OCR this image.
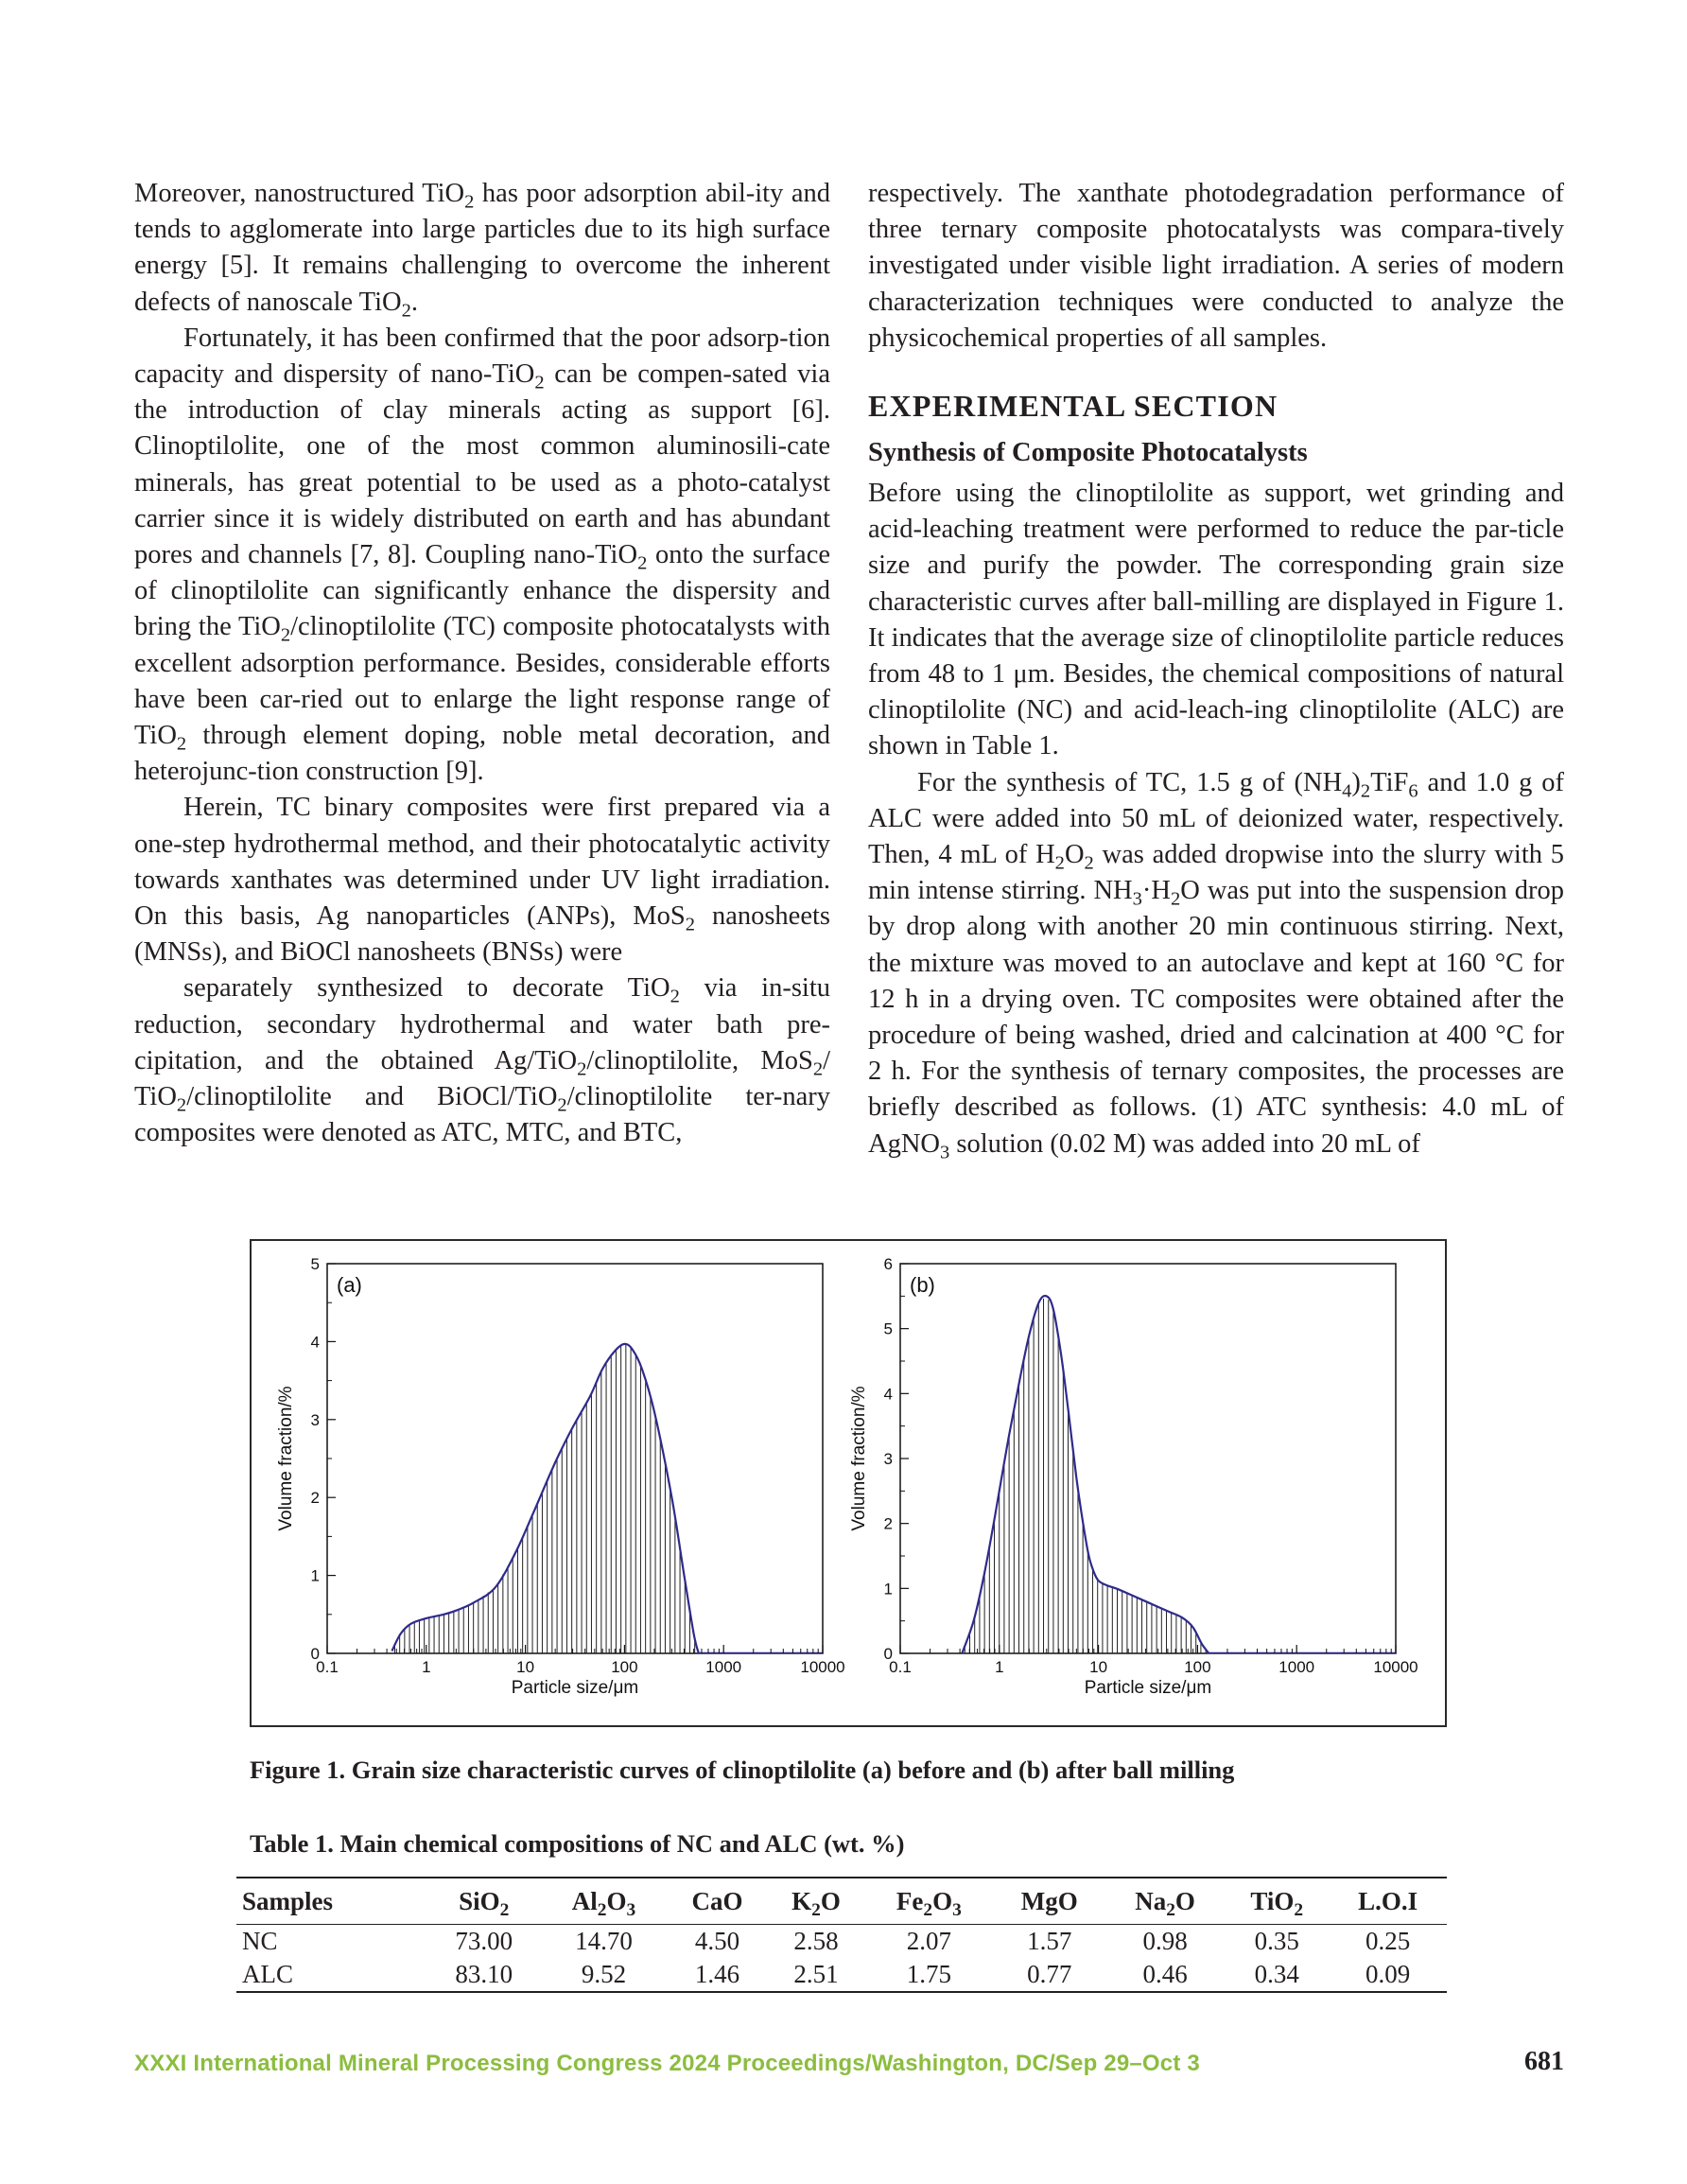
Moreover, nanostructured TiO$_2$ has poor adsorption abil-ity and tends to agglomerate into large particles due to its high surface energy [5]. It remains challenging to overcome the inherent defects of nanoscale TiO$_2$.

Fortunately, it has been confirmed that the poor adsorp-tion capacity and dispersity of nano-TiO$_2$ can be compen-sated via the introduction of clay minerals acting as support [6]. Clinoptilolite, one of the most common aluminosili-cate minerals, has great potential to be used as a photo-catalyst carrier since it is widely distributed on earth and has abundant pores and channels [7, 8]. Coupling nano-TiO$_2$ onto the surface of clinoptilolite can significantly enhance the dispersity and bring the TiO$_2$/clinoptilolite (TC) composite photocatalysts with excellent adsorption performance. Besides, considerable efforts have been car-ried out to enlarge the light response range of TiO$_2$ through element doping, noble metal decoration, and heterojunc-tion construction [9].

Herein, TC binary composites were first prepared via a one-step hydrothermal method, and their photocatalytic activity towards xanthates was determined under UV light irradiation. On this basis, Ag nanoparticles (ANPs), MoS$_2$ nanosheets (MNSs), and BiOCl nanosheets (BNSs) were

separately synthesized to decorate TiO$_2$ via in-situ reduction, secondary hydrothermal and water bath pre-cipitation, and the obtained Ag/TiO$_2$/clinoptilolite, MoS$_2$/ TiO$_2$/clinoptilolite and BiOCl/TiO$_2$/clinoptilolite ter-nary composites were denoted as ATC, MTC, and BTC,

respectively. The xanthate photodegradation performance of three ternary composite photocatalysts was compara-tively investigated under visible light irradiation. A series of modern characterization techniques were conducted to analyze the physicochemical properties of all samples.

EXPERIMENTAL SECTION
Synthesis of Composite Photocatalysts

Before using the clinoptilolite as support, wet grinding and acid-leaching treatment were performed to reduce the par-ticle size and purify the powder. The corresponding grain size characteristic curves after ball-milling are displayed in Figure 1. It indicates that the average size of clinoptilolite particle reduces from 48 to 1 μm. Besides, the chemical compositions of natural clinoptilolite (NC) and acid-leach-ing clinoptilolite (ALC) are shown in Table 1.

For the synthesis of TC, 1.5 g of $(NH_4)_2TiF_6$ and 1.0 g of ALC were added into 50 mL of deionized water, respectively. Then, 4 mL of $H_2O_2$ was added dropwise into the slurry with 5 min intense stirring. $NH_3\cdot H_2O$ was put into the suspension drop by drop along with another 20 min continuous stirring. Next, the mixture was moved to an autoclave and kept at 160 °C for 12 h in a drying oven. TC composites were obtained after the procedure of being washed, dried and calcination at 400 °C for 2 h. For the synthesis of ternary composites, the processes are briefly described as follows. (1) ATC synthesis: 4.0 mL of AgNO$_3$ solution (0.02 M) was added into 20 mL of

0.1	1	10	100	1000	10000
0
1
2
3
4
5
Particle size/μm
Volume fraction/%
(a)
0.1	1	10	100	1000	10000
0
1
2
3
4
5
6
Particle size/μm
Volume fraction/%
(b)
Figure 1. Grain size characteristic curves of clinoptilolite (a) before and (b) after ball milling
Table 1. Main chemical compositions of NC and ALC (wt. %)
Samples	SiO$_2$	$Al_2O_3$	CaO	$K_2O$	$Fe_2O_3$	MgO	$Na_2O$	TiO$_2$	L.O.I
NC	73.00	14.70	4.50	2.58	2.07	1.57	0.98	0.35	0.25
ALC	83.10	9.52	1.46	2.51	1.75	0.77	0.46	0.34	0.09
XXXI International Mineral Processing Congress 2024 Proceedings/Washington, DC/Sep 29–Oct 3	681
